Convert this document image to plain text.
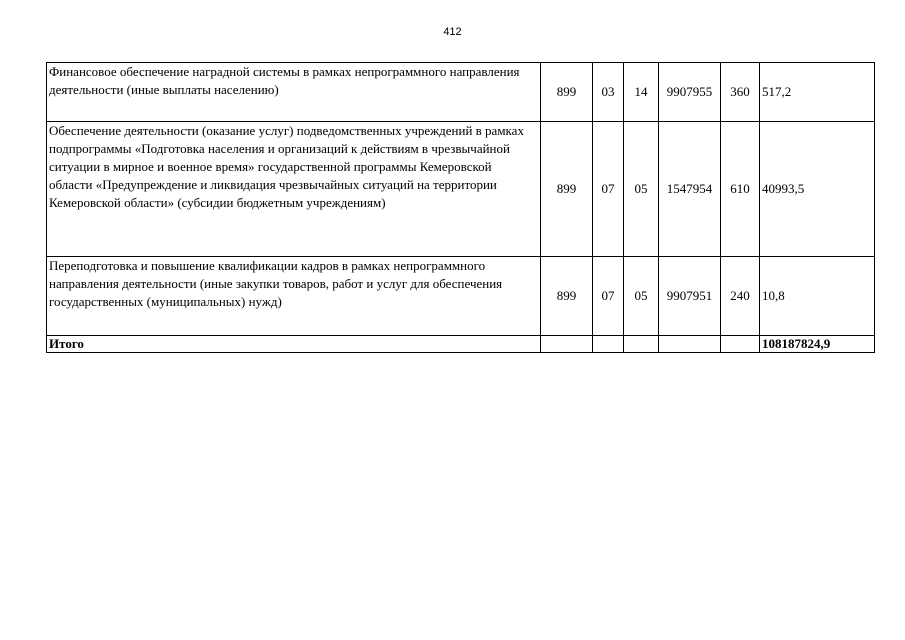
412
Финансовое обеспечение наградной системы в рамках непрограммного направления деятельности (иные выплаты населению)	899	03	14	9907955	360	517,2
Обеспечение деятельности (оказание услуг) подведомственных учреждений в рамках подпрограммы «Подготовка населения и организаций к действиям в чрезвычайной ситуации в мирное и военное время» государственной программы Кемеровской области «Предупреждение и ликвидация чрезвычайных ситуаций на территории Кемеровской области» (субсидии бюджетным учреждениям)	899	07	05	1547954	610	40993,5
Переподготовка и повышение квалификации кадров в рамках непрограммного направления деятельности (иные закупки товаров, работ и услуг для обеспечения государственных (муниципальных) нужд)	899	07	05	9907951	240	10,8
Итого						108187824,9
